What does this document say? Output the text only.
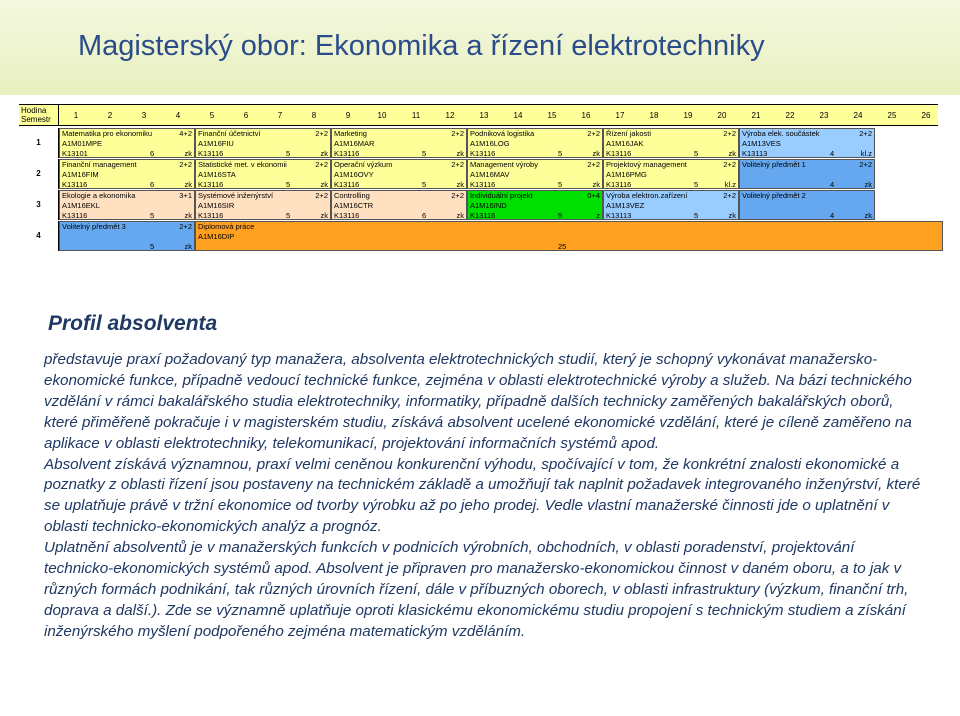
Magisterský obor: Ekonomika a řízení elektrotechniky
Hodina Semestr	1	2	3	4	5	6	7	8	9	10	11	12	13	14	15	16	17	18	19	20	21	22	23	24	25	26
1
Matematika pro ekonomiku	4+2
A1M01MPE
K13101	6	zk
Finanční účetnictví	2+2
A1M16FIU
K13116	5	zk
Marketing	2+2
A1M16MAR
K13116	5	zk
Podniková logistika	2+2
A1M16LOG
K13116	5	zk
Řízení jakosti	2+2
A1M16JAK
K13116	5	zk
Výroba elek. součástek	2+2
A1M13VES
K13113	4	kl.z
2
Finanční management	2+2
A1M16FIM
K13116	6	zk
Statistické met. v ekonomii	2+2
A1M16STA
K13116	5	zk
Operační výzkum	2+2
A1M16OVY
K13116	5	zk
Management výroby	2+2
A1M16MAV
K13116	5	zk
Projektový management	2+2
A1M16PMG
K13116	5	kl.z
Volitelný předmět 1	2+2
4	zk
3
Ekologie a ekonomika	3+1
A1M16EKL
K13116	5	zk
Systémové inženýrství	2+2
A1M16SIR
K13116	5	zk
Controlling	2+2
A1M16CTR
K13116	6	zk
Individuální projekt	0+4
A1M16IND
K13116	5	z
Výroba elektron.zařízení	2+2
A1M13VEZ
K13113	5	zk
Volitelný předmět 2
4	zk
4
Volitelný předmět 3	2+2
5	zk
Diplomová práce
A1M16DIP
25
Profil absolventa

představuje praxí požadovaný typ manažera, absolventa elektrotechnických studií, který je schopný vykonávat manažersko-ekonomické funkce, případně vedoucí technické funkce, zejména v oblasti elektrotechnické výroby a služeb. Na bázi technického vzdělání v rámci bakalářského studia elektrotechniky, informatiky, případně dalších technicky zaměřených bakalářských oborů, které přiměřeně pokračuje i v magisterském studiu, získává absolvent ucelené ekonomické vzdělání, které je cíleně zaměřeno na aplikace v oblasti elektrotechniky, telekomunikací, projektování informačních systémů apod.

Absolvent získává významnou, praxí velmi ceněnou konkurenční výhodu, spočívající v tom, že konkrétní znalosti ekonomické a poznatky z oblasti řízení jsou postaveny na technickém základě a umožňují tak naplnit požadavek integrovaného inženýrství, které se uplatňuje právě v tržní ekonomice od tvorby výrobku až po jeho prodej. Vedle vlastní manažerské činnosti jde o uplatnění v oblasti technicko-ekonomických analýz a prognóz.

Uplatnění absolventů je v manažerských funkcích v podnicích výrobních, obchodních, v oblasti poradenství, projektování technicko-ekonomických systémů apod. Absolvent je připraven pro manažersko-ekonomickou činnost v daném oboru, a to jak v různých formách podnikání, tak různých úrovních řízení, dále v příbuzných oborech, v oblasti infrastruktury (výzkum, finanční trh, doprava a další.). Zde se významně uplatňuje oproti klasickému ekonomickému studiu propojení s technickým studiem a získání inženýrského myšlení podpořeného zejména matematickým vzděláním.
